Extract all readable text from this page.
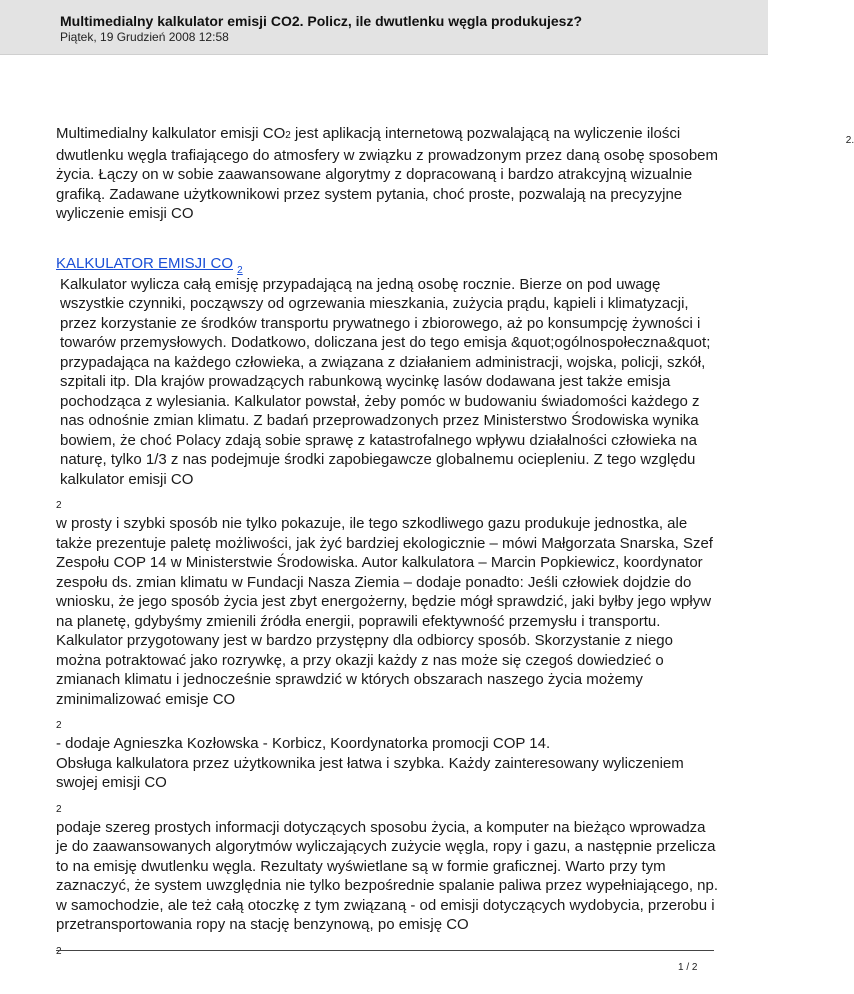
Multimedialny kalkulator emisji CO2. Policz, ile dwutlenku węgla produkujesz?
Piątek, 19 Grudzień 2008 12:58

Multimedialny kalkulator emisji CO2 jest aplikacją internetową pozwalającą na wyliczenie ilości dwutlenku węgla trafiającego do atmosfery w związku z prowadzonym przez daną osobę sposobem życia. Łączy on w sobie zaawansowane algorytmy z dopracowaną i bardzo atrakcyjną wizualnie grafiką. Zadawane użytkownikowi przez system pytania, choć proste, pozwalają na precyzyjne wyliczenie emisji CO
2.

KALKULATOR EMISJI CO $_2$

Kalkulator wylicza całą emisję przypadającą na jedną osobę rocznie. Bierze on pod uwagę wszystkie czynniki, począwszy od ogrzewania mieszkania, zużycia prądu, kąpieli i klimatyzacji, przez korzystanie ze środków transportu prywatnego i zbiorowego, aż po konsumpcję żywności i towarów przemysłowych. Dodatkowo, doliczana jest do tego emisja &quot;ogólnospołeczna&quot; przypadająca na każdego człowieka, a związana z działaniem administracji, wojska, policji, szkół, szpitali itp. Dla krajów prowadzących rabunkową wycinkę lasów dodawana jest także emisja pochodząca z wylesiania. Kalkulator powstał, żeby pomóc w budowaniu świadomości każdego z nas odnośnie zmian klimatu. Z badań przeprowadzonych przez Ministerstwo Środowiska wynika bowiem, że choć Polacy zdają sobie sprawę z katastrofalnego wpływu działalności człowieka na naturę, tylko 1/3 z nas podejmuje środki zapobiegawcze globalnemu ociepleniu. Z tego względu kalkulator emisji CO

2

w prosty i szybki sposób nie tylko pokazuje, ile tego szkodliwego gazu produkuje jednostka, ale także prezentuje paletę możliwości, jak żyć bardziej ekologicznie – mówi Małgorzata Snarska, Szef Zespołu COP 14 w Ministerstwie Środowiska. Autor kalkulatora – Marcin Popkiewicz, koordynator zespołu ds. zmian klimatu w Fundacji Nasza Ziemia – dodaje ponadto: Jeśli człowiek dojdzie do wniosku, że jego sposób życia jest zbyt energożerny, będzie mógł sprawdzić, jaki byłby jego wpływ na planetę, gdybyśmy zmienili źródła energii, poprawili efektywność przemysłu i transportu.

Kalkulator przygotowany jest w bardzo przystępny dla odbiorcy sposób. Skorzystanie z niego można potraktować jako rozrywkę, a przy okazji każdy z nas może się czegoś dowiedzieć o zmianach klimatu i jednocześnie sprawdzić w których obszarach naszego życia możemy zminimalizować emisje CO

2

- dodaje Agnieszka Kozłowska - Korbicz, Koordynatorka promocji COP 14.

Obsługa kalkulatora przez użytkownika jest łatwa i szybka. Każdy zainteresowany wyliczeniem swojej emisji CO

2

podaje szereg prostych informacji dotyczących sposobu życia, a komputer na bieżąco wprowadza je do zaawansowanych algorytmów wyliczających zużycie węgla, ropy i gazu, a następnie przelicza to na emisję dwutlenku węgla. Rezultaty wyświetlane są w formie graficznej. Warto przy tym zaznaczyć, że system uwzględnia nie tylko bezpośrednie spalanie paliwa przez wypełniającego, np. w samochodzie, ale też całą otoczkę z tym związaną - od emisji dotyczących wydobycia, przerobu i przetransportowania ropy na stację benzynową, po emisję CO

2
1 / 2
